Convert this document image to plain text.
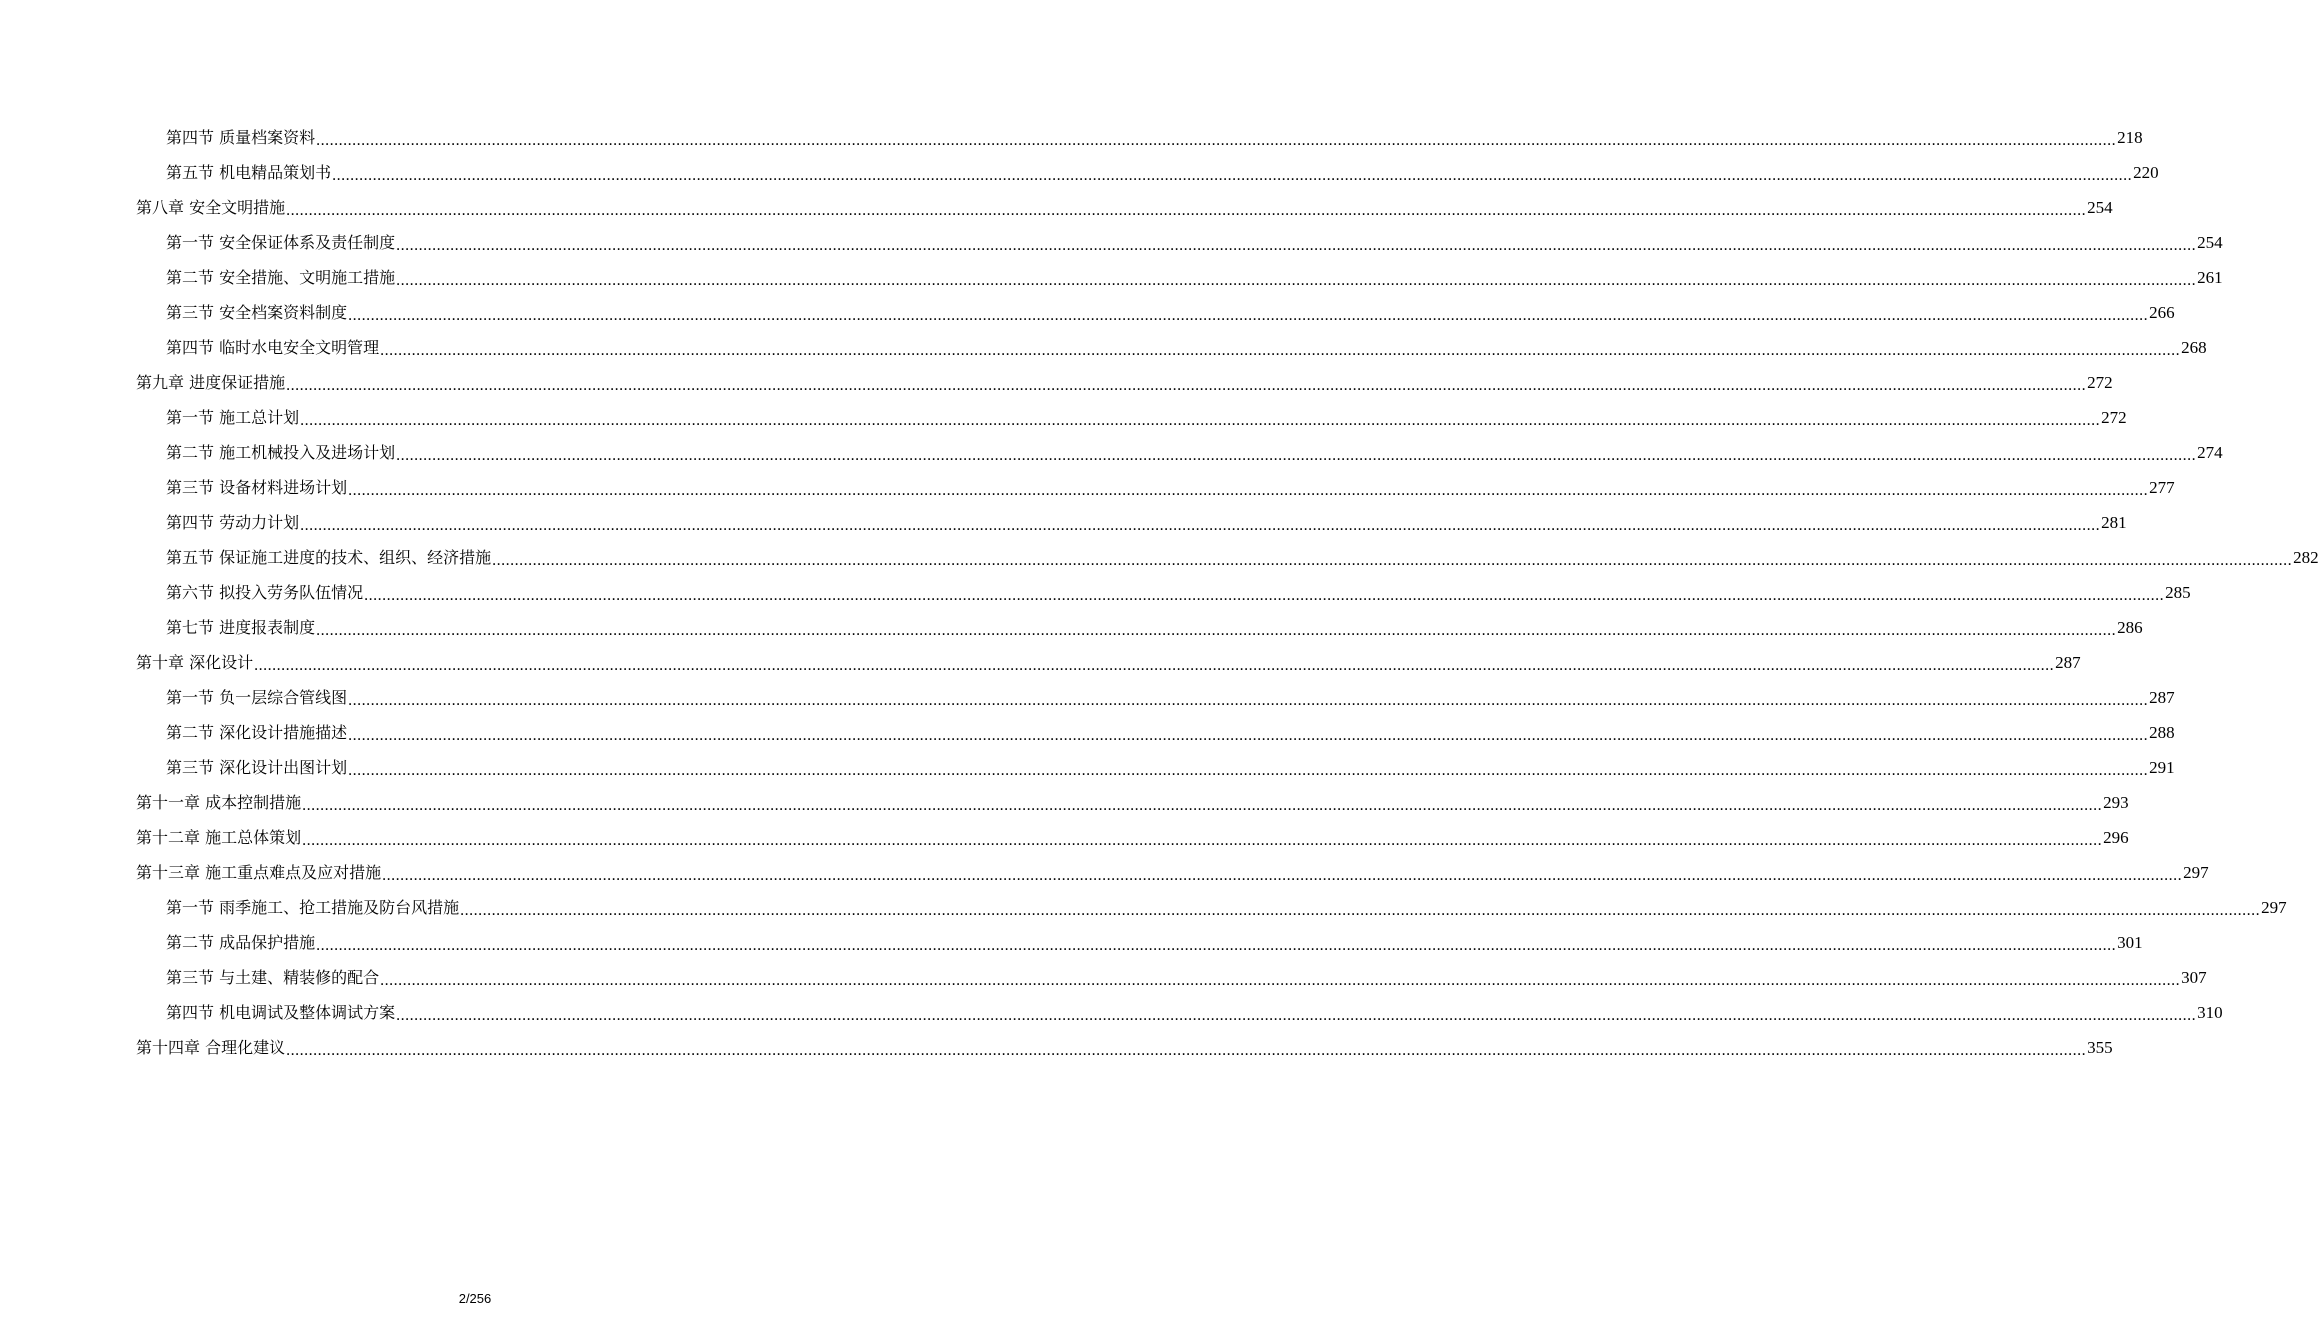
第四节 质量档案资料 ................................................................................................................................................................................................................................................................................................................................................................................................................ 218
第五节 机电精品策划书 ................................................................................................................................................................................................................................................................................................................................................................................................................ 220
第八章 安全文明措施 ................................................................................................................................................................................................................................................................................................................................................................................................................ 254
第一节 安全保证体系及责任制度 ................................................................................................................................................................................................................................................................................................................................................................................................................ 254
第二节 安全措施、文明施工措施 ................................................................................................................................................................................................................................................................................................................................................................................................................ 261
第三节 安全档案资料制度 ................................................................................................................................................................................................................................................................................................................................................................................................................ 266
第四节 临时水电安全文明管理 ................................................................................................................................................................................................................................................................................................................................................................................................................ 268
第九章 进度保证措施 ................................................................................................................................................................................................................................................................................................................................................................................................................ 272
第一节 施工总计划 ................................................................................................................................................................................................................................................................................................................................................................................................................ 272
第二节 施工机械投入及进场计划 ................................................................................................................................................................................................................................................................................................................................................................................................................ 274
第三节 设备材料进场计划 ................................................................................................................................................................................................................................................................................................................................................................................................................ 277
第四节 劳动力计划 ................................................................................................................................................................................................................................................................................................................................................................................................................ 281
第五节 保证施工进度的技术、组织、经济措施 ................................................................................................................................................................................................................................................................................................................................................................................................................ 282
第六节 拟投入劳务队伍情况 ................................................................................................................................................................................................................................................................................................................................................................................................................ 285
第七节 进度报表制度 ................................................................................................................................................................................................................................................................................................................................................................................................................ 286
第十章 深化设计 ................................................................................................................................................................................................................................................................................................................................................................................................................ 287
第一节 负一层综合管线图 ................................................................................................................................................................................................................................................................................................................................................................................................................ 287
第二节 深化设计措施描述 ................................................................................................................................................................................................................................................................................................................................................................................................................ 288
第三节 深化设计出图计划 ................................................................................................................................................................................................................................................................................................................................................................................................................ 291
第十一章 成本控制措施 ................................................................................................................................................................................................................................................................................................................................................................................................................ 293
第十二章 施工总体策划 ................................................................................................................................................................................................................................................................................................................................................................................................................ 296
第十三章 施工重点难点及应对措施 ................................................................................................................................................................................................................................................................................................................................................................................................................ 297
第一节 雨季施工、抢工措施及防台风措施 ................................................................................................................................................................................................................................................................................................................................................................................................................ 297
第二节 成品保护措施 ................................................................................................................................................................................................................................................................................................................................................................................................................ 301
第三节 与土建、精装修的配合 ................................................................................................................................................................................................................................................................................................................................................................................................................ 307
第四节 机电调试及整体调试方案 ................................................................................................................................................................................................................................................................................................................................................................................................................ 310
第十四章 合理化建议 ................................................................................................................................................................................................................................................................................................................................................................................................................ 355
2/256
